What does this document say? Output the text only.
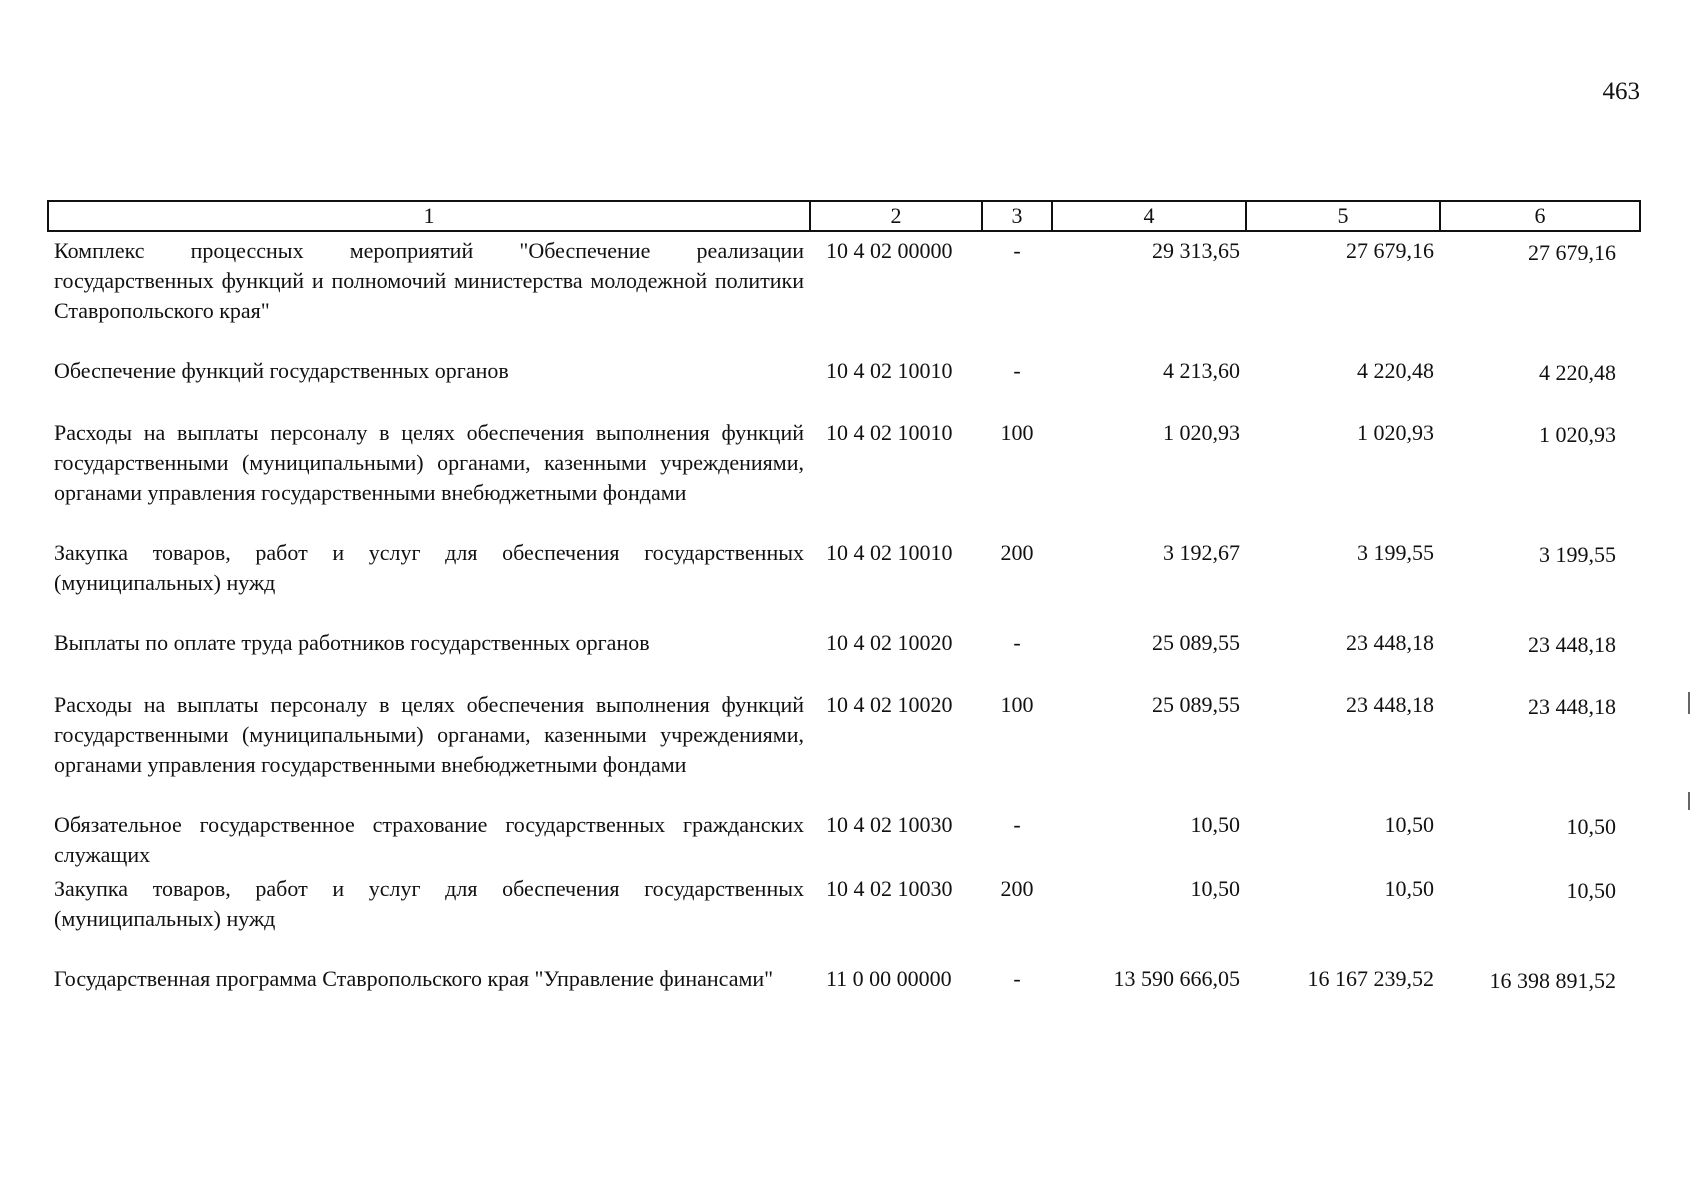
463
1	2	3	4	5	6
Комплекс процессных мероприятий "Обеспечение реализации государственных функций и полномочий министерства молодежной политики Ставропольского края"	10 4 02 00000	-	29 313,65	27 679,16	27 679,16

Обеспечение функций государственных органов	10 4 02 10010	-	4 213,60	4 220,48	4 220,48

Расходы на выплаты персоналу в целях обеспечения выполнения функций государственными (муниципальными) органами, казенными учреждениями, органами управления государственными внебюджетными фондами	10 4 02 10010	100	1 020,93	1 020,93	1 020,93

Закупка товаров, работ и услуг для обеспечения государственных (муниципальных) нужд	10 4 02 10010	200	3 192,67	3 199,55	3 199,55

Выплаты по оплате труда работников государственных органов	10 4 02 10020	-	25 089,55	23 448,18	23 448,18

Расходы на выплаты персоналу в целях обеспечения выполнения функций государственными (муниципальными) органами, казенными учреждениями, органами управления государственными внебюджетными фондами	10 4 02 10020	100	25 089,55	23 448,18	23 448,18

Обязательное государственное страхование государственных гражданских служащих	10 4 02 10030	-	10,50	10,50	10,50
Закупка товаров, работ и услуг для обеспечения государственных (муниципальных) нужд	10 4 02 10030	200	10,50	10,50	10,50

Государственная программа Ставропольского края "Управление финансами"	11 0 00 00000	-	13 590 666,05	16 167 239,52	16 398 891,52
